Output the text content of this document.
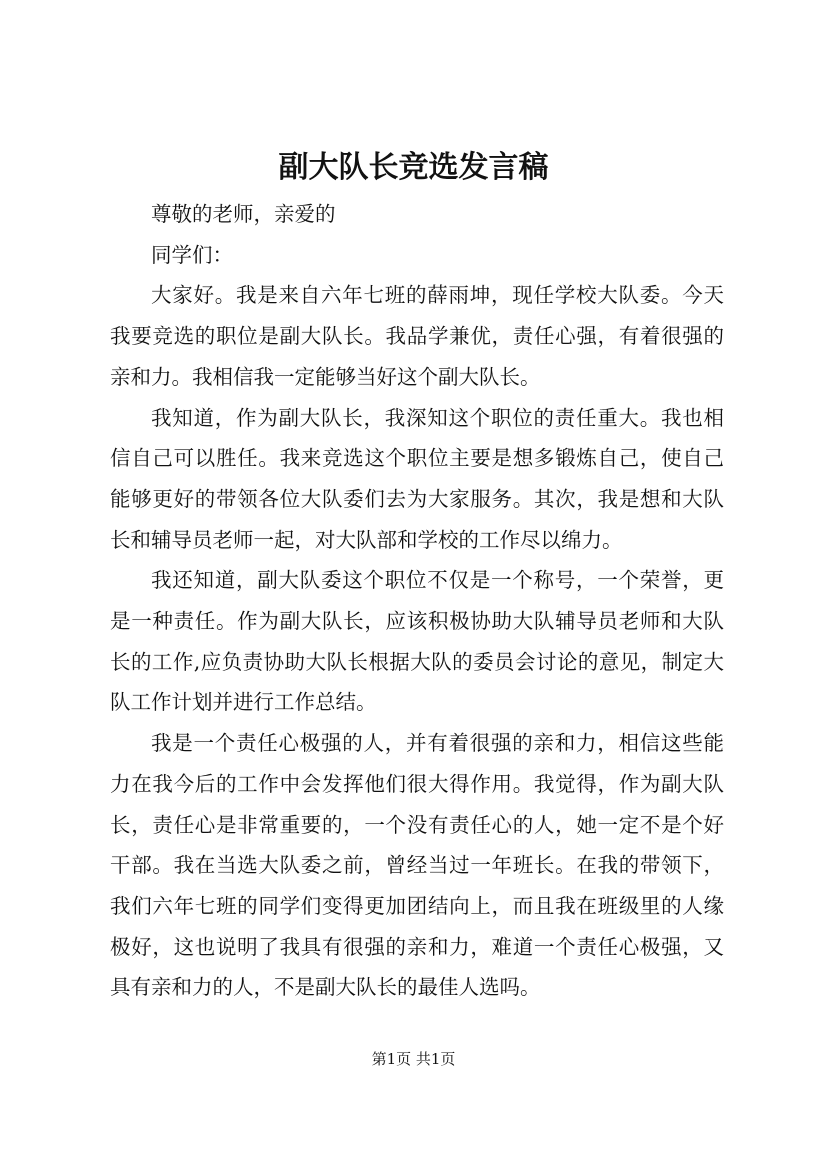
副大队长竞选发言稿

尊敬的老师，亲爱的

同学们：

大家好。我是来自六年七班的薛雨坤，现任学校大队委。今天我要竞选的职位是副大队长。我品学兼优，责任心强，有着很强的亲和力。我相信我一定能够当好这个副大队长。

我知道，作为副大队长，我深知这个职位的责任重大。我也相信自己可以胜任。我来竞选这个职位主要是想多锻炼自己，使自己能够更好的带领各位大队委们去为大家服务。其次，我是想和大队长和辅导员老师一起，对大队部和学校的工作尽以绵力。

我还知道，副大队委这个职位不仅是一个称号，一个荣誉，更是一种责任。作为副大队长，应该积极协助大队辅导员老师和大队长的工作,应负责协助大队长根据大队的委员会讨论的意见，制定大队工作计划并进行工作总结。

我是一个责任心极强的人，并有着很强的亲和力，相信这些能力在我今后的工作中会发挥他们很大得作用。我觉得，作为副大队长，责任心是非常重要的，一个没有责任心的人，她一定不是个好干部。我在当选大队委之前，曾经当过一年班长。在我的带领下，我们六年七班的同学们变得更加团结向上，而且我在班级里的人缘极好，这也说明了我具有很强的亲和力，难道一个责任心极强，又具有亲和力的人，不是副大队长的最佳人选吗。

第1页 共1页
